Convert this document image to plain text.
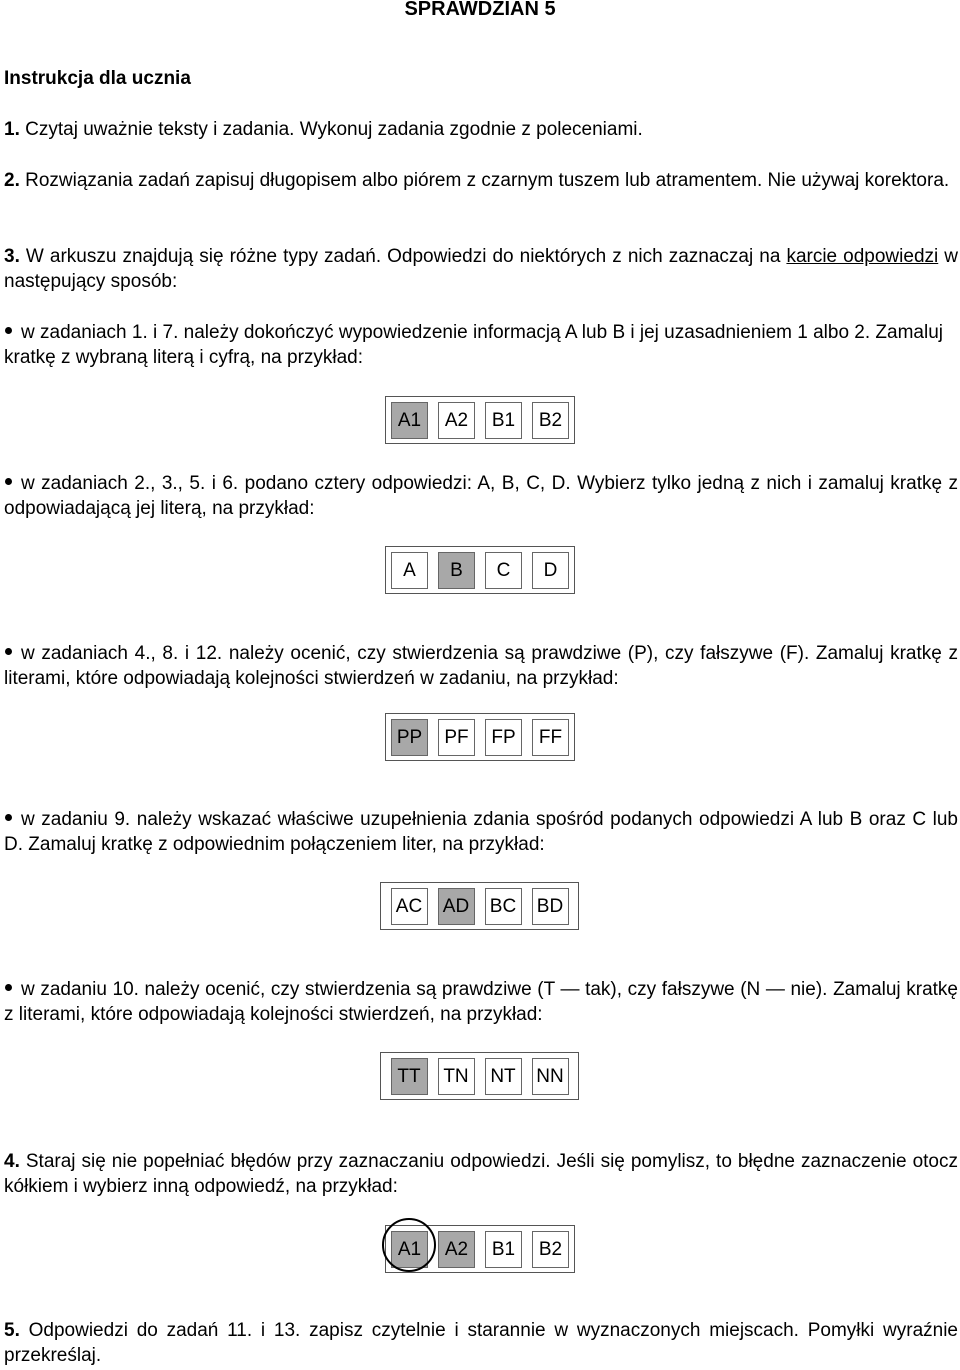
SPRAWDZIAN 5
Instrukcja dla ucznia
1. Czytaj uważnie teksty i zadania. Wykonuj zadania zgodnie z poleceniami.
2. Rozwiązania zadań zapisuj długopisem albo piórem z czarnym tuszem lub atramentem. Nie używaj korektora.
3. W arkuszu znajdują się różne typy zadań. Odpowiedzi do niektórych z nich zaznaczaj na karcie odpowiedzi w następujący sposób:
w zadaniach 1. i 7. należy dokończyć wypowiedzenie informacją A lub B i jej uzasadnieniem 1 albo 2. Zamaluj kratkę z wybraną literą i cyfrą, na przykład:
A1	A2	B1	B2
w zadaniach 2., 3., 5. i 6. podano cztery odpowiedzi: A, B, C, D. Wybierz tylko jedną z nich i zamaluj kratkę z odpowiadającą jej literą, na przykład:
A	B	C	D
w zadaniach 4., 8. i 12. należy ocenić, czy stwierdzenia są prawdziwe (P), czy fałszywe (F). Zamaluj kratkę z literami, które odpowiadają kolejności stwierdzeń w zadaniu, na przykład:
PP	PF	FP	FF
w zadaniu 9. należy wskazać właściwe uzupełnienia zdania spośród podanych odpowiedzi A lub B oraz C lub D. Zamaluj kratkę z odpowiednim połączeniem liter, na przykład:
AC AD BC BD
w zadaniu 10. należy ocenić, czy stwierdzenia są prawdziwe (T — tak), czy fałszywe (N — nie). Zamaluj kratkę z literami, które odpowiadają kolejności stwierdzeń, na przykład:
TT	TN	NT	NN
4. Staraj się nie popełniać błędów przy zaznaczaniu odpowiedzi. Jeśli się pomylisz, to błędne zaznaczenie otocz kółkiem i wybierz inną odpowiedź, na przykład:
A1	A2	B1	B2
5. Odpowiedzi do zadań 11. i 13. zapisz czytelnie i starannie w wyznaczonych miejscach. Pomyłki wyraźnie przekreślaj.
